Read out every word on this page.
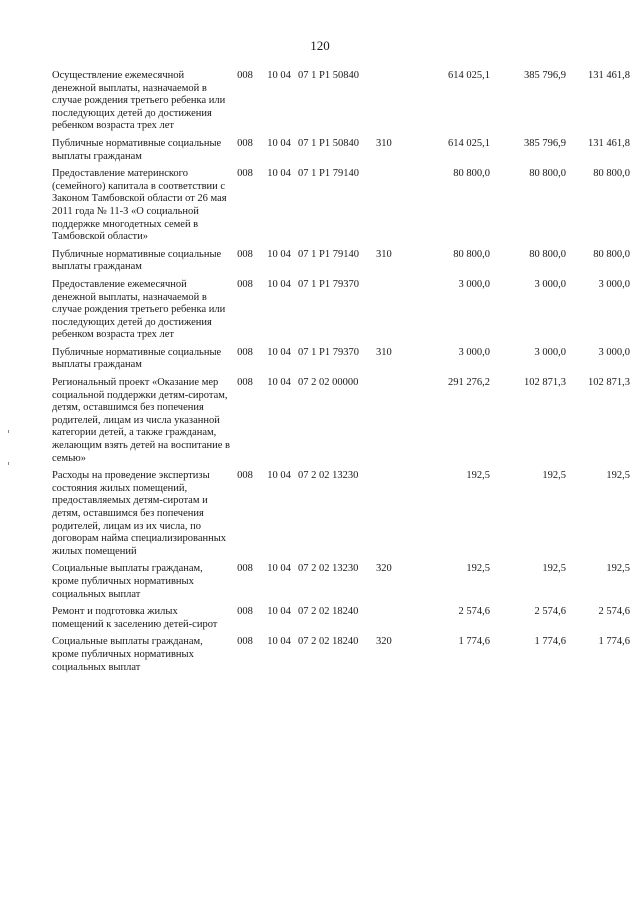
120
Осуществление ежемесячной денежной выплаты, назначаемой в случае рождения третьего ребенка или последующих детей до достижения ребенком возраста трех лет	008	10 04	07 1 P1 50840		614 025,1	385 796,9	131 461,8
Публичные нормативные социальные выплаты гражданам	008	10 04	07 1 P1 50840	310	614 025,1	385 796,9	131 461,8
Предоставление материнского (семейного) капитала в соответствии с Законом Тамбовской области от 26 мая 2011 года № 11-З «О социальной поддержке многодетных семей в Тамбовской области»	008	10 04	07 1 P1 79140		80 800,0	80 800,0	80 800,0
Публичные нормативные социальные выплаты гражданам	008	10 04	07 1 P1 79140	310	80 800,0	80 800,0	80 800,0
Предоставление ежемесячной денежной выплаты, назначаемой в случае рождения третьего ребенка или последующих детей до достижения ребенком возраста трех лет	008	10 04	07 1 P1 79370		3 000,0	3 000,0	3 000,0
Публичные нормативные социальные выплаты гражданам	008	10 04	07 1 P1 79370	310	3 000,0	3 000,0	3 000,0
Региональный проект «Оказание мер социальной поддержки детям-сиротам, детям, оставшимся без попечения родителей, лицам из числа указанной категории детей, а также гражданам, желающим взять детей на воспитание в семью»	008	10 04	07 2 02 00000		291 276,2	102 871,3	102 871,3
Расходы на проведение экспертизы состояния жилых помещений, предоставляемых детям-сиротам и детям, оставшимся без попечения родителей, лицам из их числа, по договорам найма специализированных жилых помещений	008	10 04	07 2 02 13230		192,5	192,5	192,5
Социальные выплаты гражданам, кроме публичных нормативных социальных выплат	008	10 04	07 2 02 13230	320	192,5	192,5	192,5
Ремонт и подготовка жилых помещений к заселению детей-сирот	008	10 04	07 2 02 18240		2 574,6	2 574,6	2 574,6
Социальные выплаты гражданам, кроме публичных нормативных социальных выплат	008	10 04	07 2 02 18240	320	1 774,6	1 774,6	1 774,6
